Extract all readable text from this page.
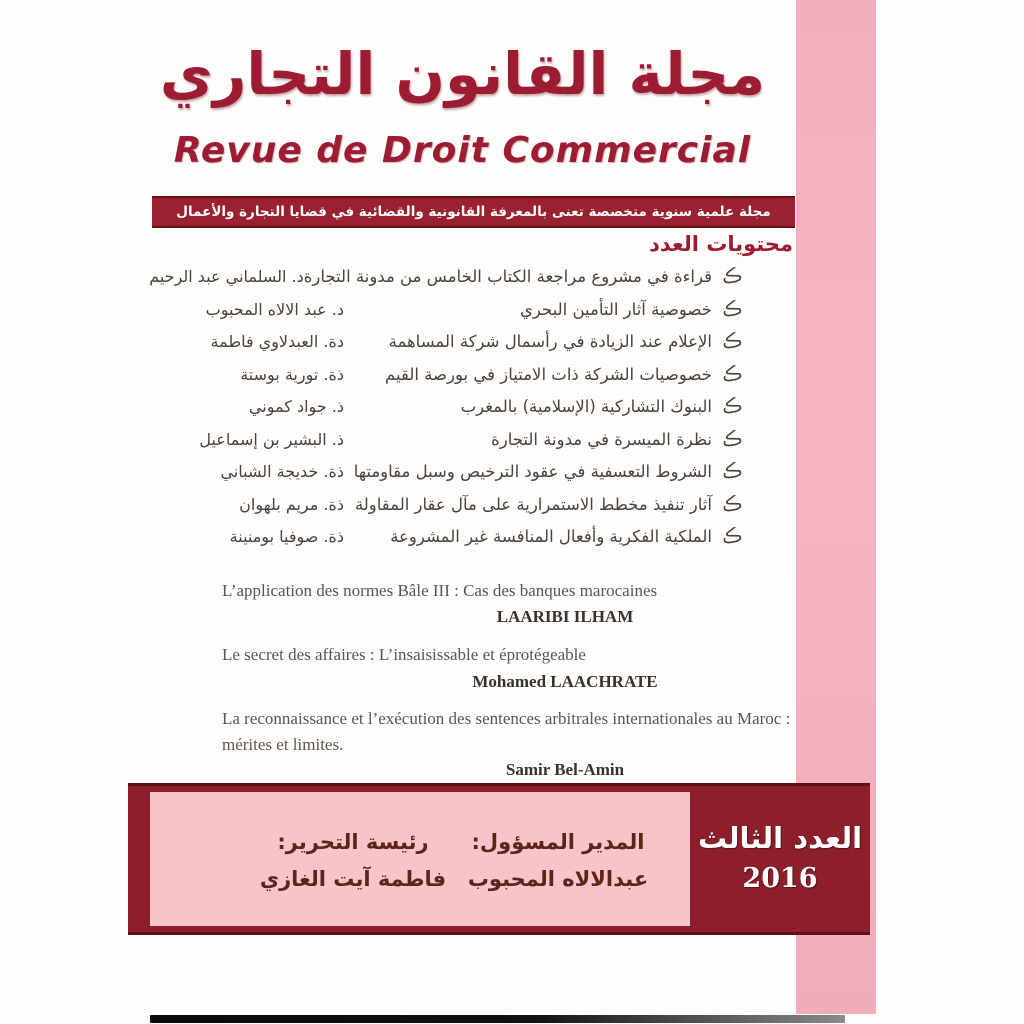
مجلة القانون التجاري
Revue de Droit Commercial
مجلة علمية سنوية متخصصة تعنى بالمعرفة القانونية والقضائية في قضايا التجارة والأعمال
محتويات العدد
ڪقراءة في مشروع مراجعة الكتاب الخامس من مدونة التجارة
د. السلماني عبد الرحيم
ڪخصوصية آثار التأمين البحري
د. عبد الالاه المحبوب
ڪالإعلام عند الزيادة في رأسمال شركة المساهمة
دة. العبدلاوي فاطمة
ڪخصوصيات الشركة ذات الامتياز في بورصة القيم
ذة. تورية بوستة
ڪالبنوك التشاركية (الإسلامية) بالمغرب
ذ. جواد كموني
ڪنظرة الميسرة في مدونة التجارة
ذ. البشير بن إسماعيل
ڪالشروط التعسفية في عقود الترخيص وسبل مقاومتها
ذة. خديجة الشباني
ڪآثار تنفيذ مخطط الاستمرارية على مآل عقار المقاولة
ذة. مريم بلهوان
ڪالملكية الفكرية وأفعال المنافسة غير المشروعة
ذة. صوفيا بومنينة

L’application des normes Bâle III : Cas des banques marocaines

LAARIBI ILHAM

Le secret des affaires : L’insaisissable et éprotégeable

Mohamed LAACHRATE

La reconnaissance et l’exécution des sentences arbitrales internationales au Maroc : mérites et limites.

Samir Bel-Amin

المدير المسؤول:
عبدالالاه المحبوب
رئيسة التحرير:
فاطمة آيت الغازي
العدد الثالث
2016
